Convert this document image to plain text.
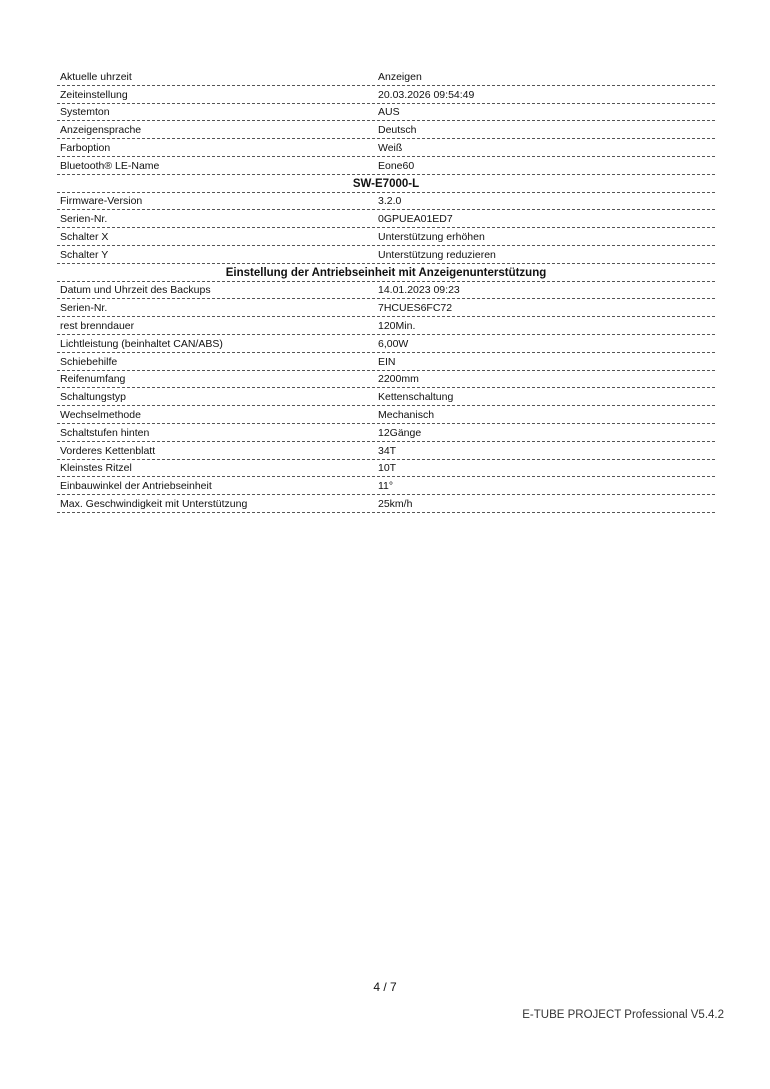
Aktuelle uhrzeit	Anzeigen
Zeiteinstellung	20.03.2026 09:54:49
Systemton	AUS
Anzeigensprache	Deutsch
Farboption	Weiß
Bluetooth® LE-Name	Eone60
SW-E7000-L
Firmware-Version	3.2.0
Serien-Nr.	0GPUEA01ED7
Schalter X	Unterstützung erhöhen
Schalter Y	Unterstützung reduzieren
Einstellung der Antriebseinheit mit Anzeigenunterstützung
Datum und Uhrzeit des Backups	14.01.2023 09:23
Serien-Nr.	7HCUES6FC72
rest brenndauer	120Min.
Lichtleistung (beinhaltet CAN/ABS)	6,00W
Schiebehilfe	EIN
Reifenumfang	2200mm
Schaltungstyp	Kettenschaltung
Wechselmethode	Mechanisch
Schaltstufen hinten	12Gänge
Vorderes Kettenblatt	34T
Kleinstes Ritzel	10T
Einbauwinkel der Antriebseinheit	11°
Max. Geschwindigkeit mit Unterstützung	25km/h
4 / 7
E-TUBE PROJECT Professional V5.4.2
